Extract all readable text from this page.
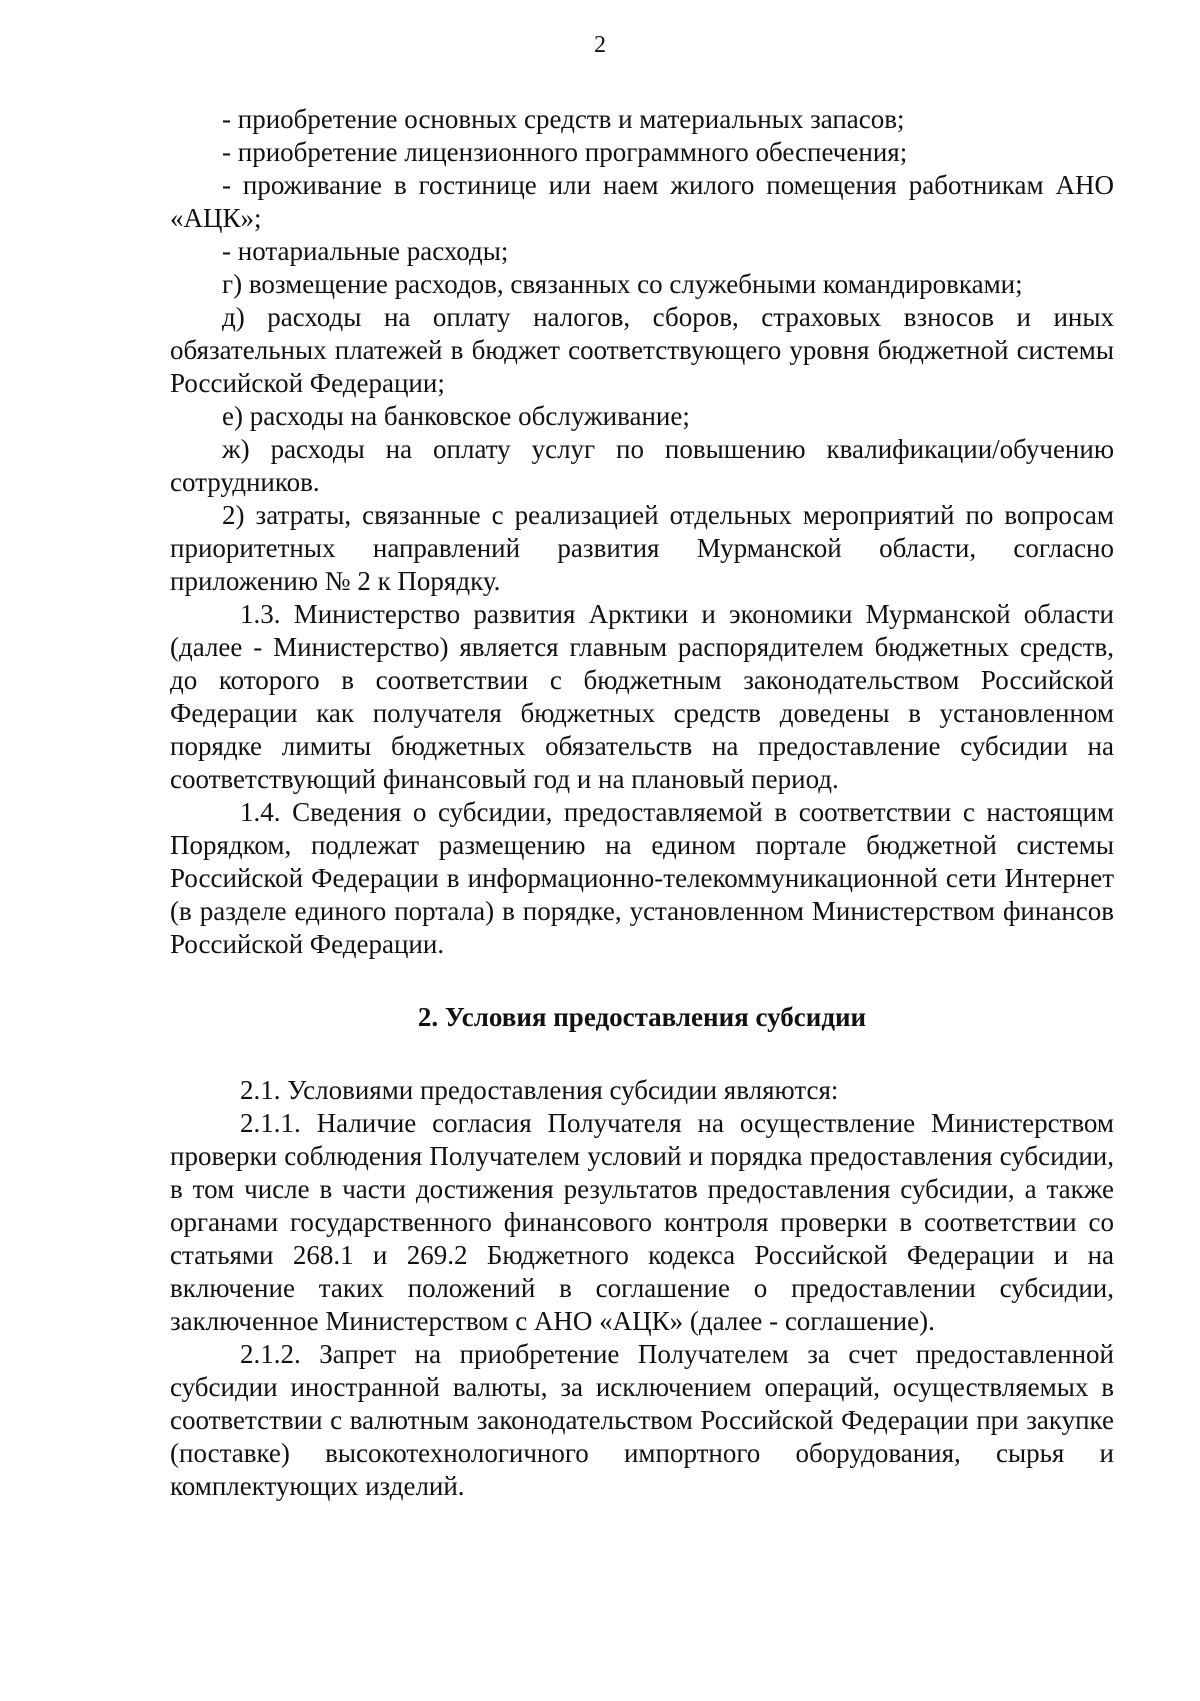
2

- приобретение основных средств и материальных запасов;

- приобретение лицензионного программного обеспечения;

- проживание в гостинице или наем жилого помещения работникам АНО «АЦК»;

- нотариальные расходы;

г) возмещение расходов, связанных со служебными командировками;

д) расходы на оплату налогов, сборов, страховых взносов и иных обязательных платежей в бюджет соответствующего уровня бюджетной системы Российской Федерации;

е) расходы на банковское обслуживание;

ж) расходы на оплату услуг по повышению квалификации/обучению сотрудников.

2) затраты, связанные с реализацией отдельных мероприятий по вопросам приоритетных направлений развития Мурманской области, согласно приложению № 2 к Порядку.

1.3. Министерство развития Арктики и экономики Мурманской области (далее - Министерство) является главным распорядителем бюджетных средств, до которого в соответствии с бюджетным законодательством Российской Федерации как получателя бюджетных средств доведены в установленном порядке лимиты бюджетных обязательств на предоставление субсидии на соответствующий финансовый год и на плановый период.

1.4. Сведения о субсидии, предоставляемой в соответствии с настоящим Порядком, подлежат размещению на едином портале бюджетной системы Российской Федерации в информационно-телекоммуникационной сети Интернет (в разделе единого портала) в порядке, установленном Министерством финансов Российской Федерации.

2. Условия предоставления субсидии

2.1. Условиями предоставления субсидии являются:

2.1.1. Наличие согласия Получателя на осуществление Министерством проверки соблюдения Получателем условий и порядка предоставления субсидии, в том числе в части достижения результатов предоставления субсидии, а также органами государственного финансового контроля проверки в соответствии со статьями 268.1 и 269.2 Бюджетного кодекса Российской Федерации и на включение таких положений в соглашение о предоставлении субсидии, заключенное Министерством с АНО «АЦК» (далее - соглашение).

2.1.2. Запрет на приобретение Получателем за счет предоставленной субсидии иностранной валюты, за исключением операций, осуществляемых в соответствии с валютным законодательством Российской Федерации при закупке (поставке) высокотехнологичного импортного оборудования, сырья и комплектующих изделий.
